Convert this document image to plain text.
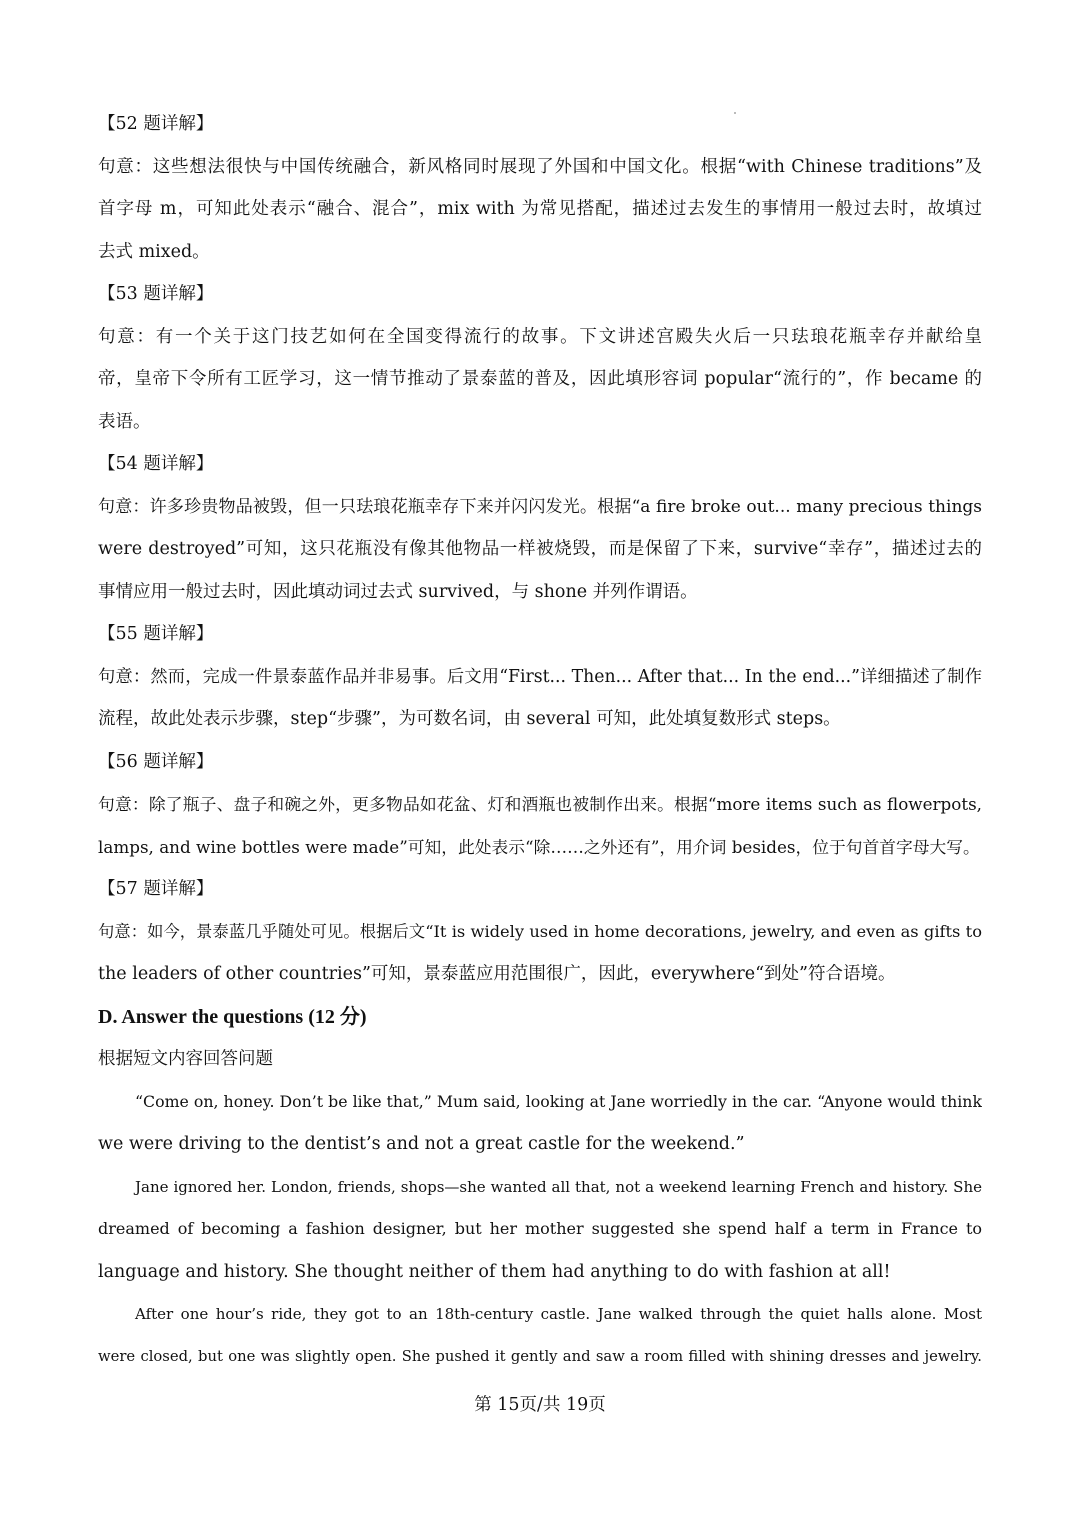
【52 题详解】
句意：这些想法很快与中国传统融合，新风格同时展现了外国和中国文化。根据“with Chinese traditions”及
首字母 m，可知此处表示“融合、混合”，mix with 为常见搭配，描述过去发生的事情用一般过去时，故填过
去式 mixed。
【53 题详解】
句意：有一个关于这门技艺如何在全国变得流行的故事。下文讲述宫殿失火后一只珐琅花瓶幸存并献给皇
帝，皇帝下令所有工匠学习，这一情节推动了景泰蓝的普及，因此填形容词 popular“流行的”，作 became 的
表语。
【54 题详解】
句意：许多珍贵物品被毁，但一只珐琅花瓶幸存下来并闪闪发光。根据“a fire broke out... many precious things
were destroyed”可知，这只花瓶没有像其他物品一样被烧毁，而是保留了下来，survive“幸存”，描述过去的
事情应用一般过去时，因此填动词过去式 survived，与 shone 并列作谓语。
【55 题详解】
句意：然而，完成一件景泰蓝作品并非易事。后文用“First... Then... After that... In the end...”详细描述了制作
流程，故此处表示步骤，step“步骤”，为可数名词，由 several 可知，此处填复数形式 steps。
【56 题详解】
句意：除了瓶子、盘子和碗之外，更多物品如花盆、灯和酒瓶也被制作出来。根据“more items such as flowerpots,
lamps, and wine bottles were made”可知，此处表示“除……之外还有”，用介词 besides，位于句首首字母大写。
【57 题详解】
句意：如今，景泰蓝几乎随处可见。根据后文“It is widely used in home decorations, jewelry, and even as gifts to
the leaders of other countries”可知，景泰蓝应用范围很广，因此，everywhere“到处”符合语境。
D. Answer the questions (12 分)
根据短文内容回答问题
“Come on, honey. Don’t be like that,” Mum said, looking at Jane worriedly in the car. “Anyone would think
we were driving to the dentist’s and not a great castle for the weekend.”
Jane ignored her. London, friends, shops—she wanted all that, not a weekend learning French and history. She
dreamed of becoming a fashion designer, but her mother suggested she spend half a term in France to
language and history. She thought neither of them had anything to do with fashion at all!
After one hour’s ride, they got to an 18th-century castle. Jane walked through the quiet halls alone. Most
were closed, but one was slightly open. She pushed it gently and saw a room filled with shining dresses and jewelry.
第 15页/共 19页
